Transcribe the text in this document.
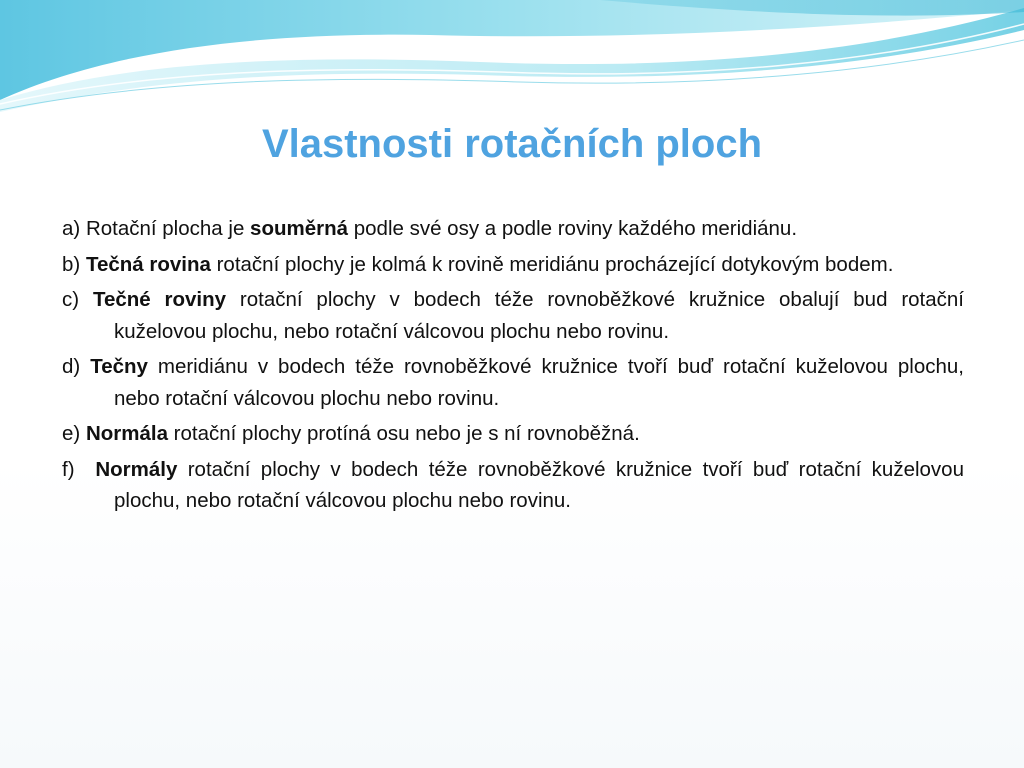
Vlastnosti rotačních ploch
a) Rotační plocha je souměrná podle své osy a podle roviny každého meridiánu.
b) Tečná rovina rotační plochy je kolmá k rovině meridiánu procházející dotykovým bodem.
c) Tečné roviny rotační plochy v bodech téže rovnoběžkové kružnice obalují bud rotační kuželovou plochu, nebo rotační válcovou plochu nebo rovinu.
d) Tečny meridiánu v bodech téže rovnoběžkové kružnice tvoří buď rotační kuželovou plochu, nebo rotační válcovou plochu nebo rovinu.
e) Normála rotační plochy protíná osu nebo je s ní rovnoběžná.
f) Normály rotační plochy v bodech téže rovnoběžkové kružnice tvoří buď rotační kuželovou plochu, nebo rotační válcovou plochu nebo rovinu.
